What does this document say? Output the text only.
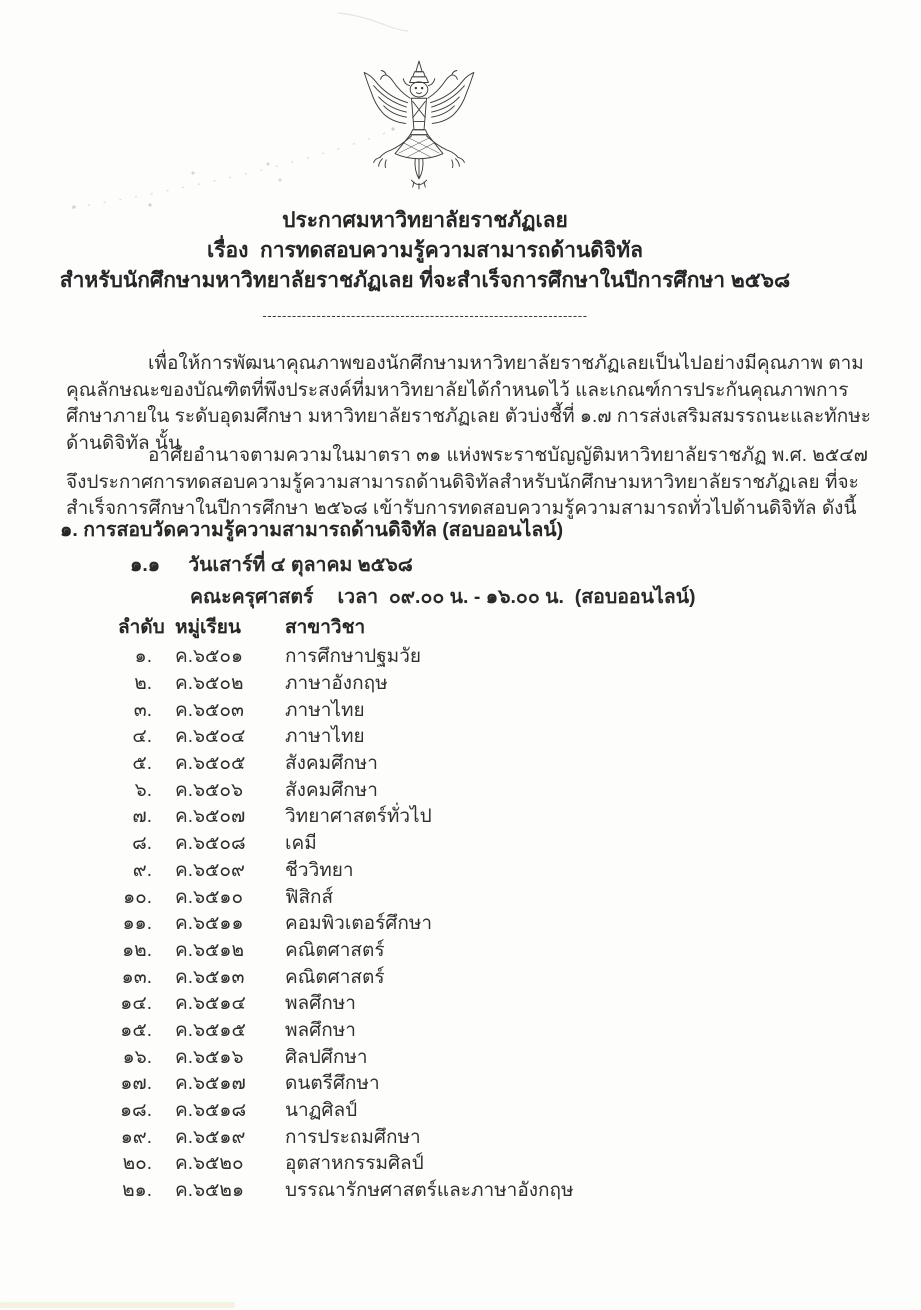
ประกาศมหาวิทยาลัยราชภัฏเลย
เรื่อง  การทดสอบความรู้ความสามารถด้านดิจิทัล
สำหรับนักศึกษามหาวิทยาลัยราชภัฏเลย ที่จะสำเร็จการศึกษาในปีการศึกษา ๒๕๖๘
------------------------------------------------------------------

เพื่อให้การพัฒนาคุณภาพของนักศึกษามหาวิทยาลัยราชภัฏเลยเป็นไปอย่างมีคุณภาพ ตามคุณลักษณะของบัณฑิตที่พึงประสงค์ที่มหาวิทยาลัยได้กำหนดไว้ และเกณฑ์การประกันคุณภาพการศึกษาภายใน ระดับอุดมศึกษา มหาวิทยาลัยราชภัฏเลย ตัวบ่งชี้ที่ ๑.๗ การส่งเสริมสมรรถนะและทักษะด้านดิจิทัล นั้น

อาศัยอำนาจตามความในมาตรา ๓๑ แห่งพระราชบัญญัติมหาวิทยาลัยราชภัฏ พ.ศ. ๒๕๔๗ จึงประกาศการทดสอบความรู้ความสามารถด้านดิจิทัลสำหรับนักศึกษามหาวิทยาลัยราชภัฏเลย ที่จะสำเร็จการศึกษาในปีการศึกษา ๒๕๖๘ เข้ารับการทดสอบความรู้ความสามารถทั่วไปด้านดิจิทัล ดังนี้

๑. การสอบวัดความรู้ความสามารถด้านดิจิทัล (สอบออนไลน์)
๑.๑ วันเสาร์ที่ ๔ ตุลาคม ๒๕๖๘
คณะครุศาสตร์ เวลา  ๐๙.๐๐ น. - ๑๖.๐๐ น.  (สอบออนไลน์)
ลำดับ หมู่เรียน	สาขาวิชา
๑. ค.๖๕๐๑	การศึกษาปฐมวัย
๒. ค.๖๕๐๒	ภาษาอังกฤษ
๓. ค.๖๕๐๓	ภาษาไทย
๔. ค.๖๕๐๔	ภาษาไทย
๕. ค.๖๕๐๕	สังคมศึกษา
๖. ค.๖๕๐๖	สังคมศึกษา
๗. ค.๖๕๐๗	วิทยาศาสตร์ทั่วไป
๘. ค.๖๕๐๘	เคมี
๙. ค.๖๕๐๙	ชีววิทยา
๑๐. ค.๖๕๑๐	ฟิสิกส์
๑๑. ค.๖๕๑๑	คอมพิวเตอร์ศึกษา
๑๒. ค.๖๕๑๒	คณิตศาสตร์
๑๓. ค.๖๕๑๓	คณิตศาสตร์
๑๔. ค.๖๕๑๔	พลศึกษา
๑๕. ค.๖๕๑๕	พลศึกษา
๑๖. ค.๖๕๑๖	ศิลปศึกษา
๑๗. ค.๖๕๑๗	ดนตรีศึกษา
๑๘. ค.๖๕๑๘	นาฏศิลป์
๑๙. ค.๖๕๑๙	การประถมศึกษา
๒๐. ค.๖๕๒๐	อุตสาหกรรมศิลป์
๒๑. ค.๖๕๒๑	บรรณารักษศาสตร์และภาษาอังกฤษ
